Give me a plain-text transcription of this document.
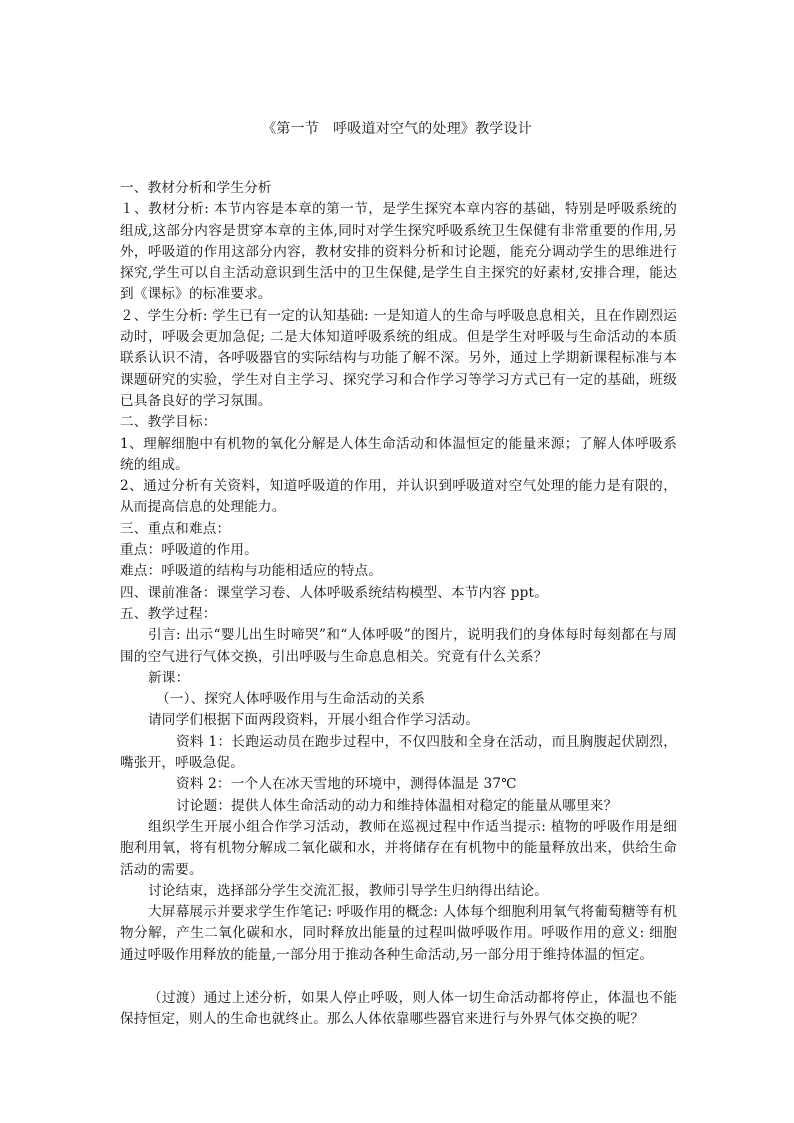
《第一节　呼吸道对空气的处理》教学设计

一、教材分析和学生分析

１、教材分析: 本节内容是本章的第一节，是学生探究本章内容的基础，特别是呼吸系统的组成,这部分内容是贯穿本章的主体,同时对学生探究呼吸系统卫生保健有非常重要的作用,另外，呼吸道的作用这部分内容，教材安排的资料分析和讨论题，能充分调动学生的思维进行探究,学生可以自主活动意识到生活中的卫生保健,是学生自主探究的好素材,安排合理，能达到《课标》的标准要求。

２、学生分析: 学生已有一定的认知基础: 一是知道人的生命与呼吸息息相关，且在作剧烈运动时，呼吸会更加急促; 二是大体知道呼吸系统的组成。但是学生对呼吸与生命活动的本质联系认识不清，各呼吸器官的实际结构与功能了解不深。另外，通过上学期新课程标准与本课题研究的实验，学生对自主学习、探究学习和合作学习等学习方式已有一定的基础，班级已具备良好的学习氛围。

二、教学目标：

1、理解细胞中有机物的氧化分解是人体生命活动和体温恒定的能量来源；了解人体呼吸系统的组成。

2、通过分析有关资料，知道呼吸道的作用，并认识到呼吸道对空气处理的能力是有限的，从而提高信息的处理能力。

三、重点和难点：

重点：呼吸道的作用。

难点：呼吸道的结构与功能相适应的特点。

四、课前准备：课堂学习卷、人体呼吸系统结构模型、本节内容 ppt。

五、教学过程：

引言: 出示“婴儿出生时啼哭”和“人体呼吸”的图片，说明我们的身体每时每刻都在与周围的空气进行气体交换，引出呼吸与生命息息相关。究竟有什么关系？

新课：

（一）、探究人体呼吸作用与生命活动的关系

请同学们根据下面两段资料，开展小组合作学习活动。

资料 1：长跑运动员在跑步过程中，不仅四肢和全身在活动，而且胸腹起伏剧烈，嘴张开，呼吸急促。

资料 2：一个人在冰天雪地的环境中，测得体温是 37℃

讨论题：提供人体生命活动的动力和维持体温相对稳定的能量从哪里来？

组织学生开展小组合作学习活动，教师在巡视过程中作适当提示: 植物的呼吸作用是细胞利用氧，将有机物分解成二氧化碳和水，并将储存在有机物中的能量释放出来，供给生命活动的需要。

讨论结束，选择部分学生交流汇报，教师引导学生归纳得出结论。

大屏幕展示并要求学生作笔记: 呼吸作用的概念: 人体每个细胞利用氧气将葡萄糖等有机物分解，产生二氧化碳和水，同时释放出能量的过程叫做呼吸作用。呼吸作用的意义: 细胞通过呼吸作用释放的能量,一部分用于推动各种生命活动,另一部分用于维持体温的恒定。

（过渡）通过上述分析，如果人停止呼吸，则人体一切生命活动都将停止，体温也不能保持恒定，则人的生命也就终止。那么人体依靠哪些器官来进行与外界气体交换的呢？
